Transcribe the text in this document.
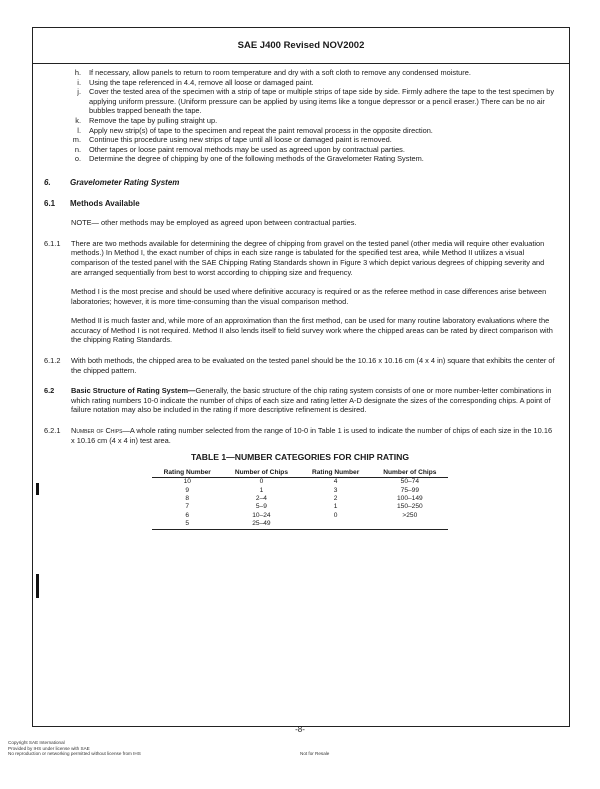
SAE J400 Revised NOV2002
h.	If necessary, allow panels to return to room temperature and dry with a soft cloth to remove any condensed moisture.
i.	Using the tape referenced in 4.4, remove all loose or damaged paint.
j.	Cover the tested area of the specimen with a strip of tape or multiple strips of tape side by side. Firmly adhere the tape to the test specimen by applying uniform pressure. (Uniform pressure can be applied by using items like a tongue depressor or a pencil eraser.) There can be no air bubbles trapped beneath the tape.
k.	Remove the tape by pulling straight up.
l.	Apply new strip(s) of tape to the specimen and repeat the paint removal process in the opposite direction.
m.	Continue this procedure using new strips of tape until all loose or damaged paint is removed.
n.	Other tapes or loose paint removal methods may be used as agreed upon by contractual parties.
o.	Determine the degree of chipping by one of the following methods of the Gravelometer Rating System.
6.	Gravelometer Rating System
6.1	Methods Available
NOTE— other methods may be employed as agreed upon between contractual parties.
6.1.1	There are two methods available for determining the degree of chipping from gravel on the tested panel (other media will require other evaluation methods.) In Method I, the exact number of chips in each size range is tabulated for the specified test area, while Method II utilizes a visual comparison of the tested panel with the SAE Chipping Rating Standards shown in Figure 3 which depict various degrees of chipping severity and are arranged sequentially from best to worst according to chipping size and frequency.
Method I is the most precise and should be used where definitive accuracy is required or as the referee method in case differences arise between laboratories; however, it is more time-consuming than the visual comparison method.
Method II is much faster and, while more of an approximation than the first method, can be used for many routine laboratory evaluations where the accuracy of Method I is not required. Method II also lends itself to field survey work where the chipped areas can be rated by direct comparison with the chipping Rating Standards.
6.1.2	With both methods, the chipped area to be evaluated on the tested panel should be the 10.16 x 10.16 cm (4 x 4 in) square that exhibits the center of the chipped pattern.
6.2	Basic Structure of Rating System—Generally, the basic structure of the chip rating system consists of one or more number-letter combinations in which rating numbers 10-0 indicate the number of chips of each size and rating letter A-D designate the sizes of the corresponding chips. A point of failure notation may also be included in the rating if more descriptive refinement is desired.
6.2.1	Number of Chips—A whole rating number selected from the range of 10-0 in Table 1 is used to indicate the number of chips of each size in the 10.16 x 10.16 cm (4 x 4 in) test area.
TABLE 1—NUMBER CATEGORIES FOR CHIP RATING
Rating Number	Number of Chips	Rating Number	Number of Chips
10	0	4	50–74
9	1	3	75–99
8	2–4	2	100–149
7	5–9	1	150–250
6	10–24	0	>250
5	25–49		
-8-
Copyright SAE International
Provided by IHS under license with SAE
No reproduction or networking permitted without license from IHS	Not for Resale
